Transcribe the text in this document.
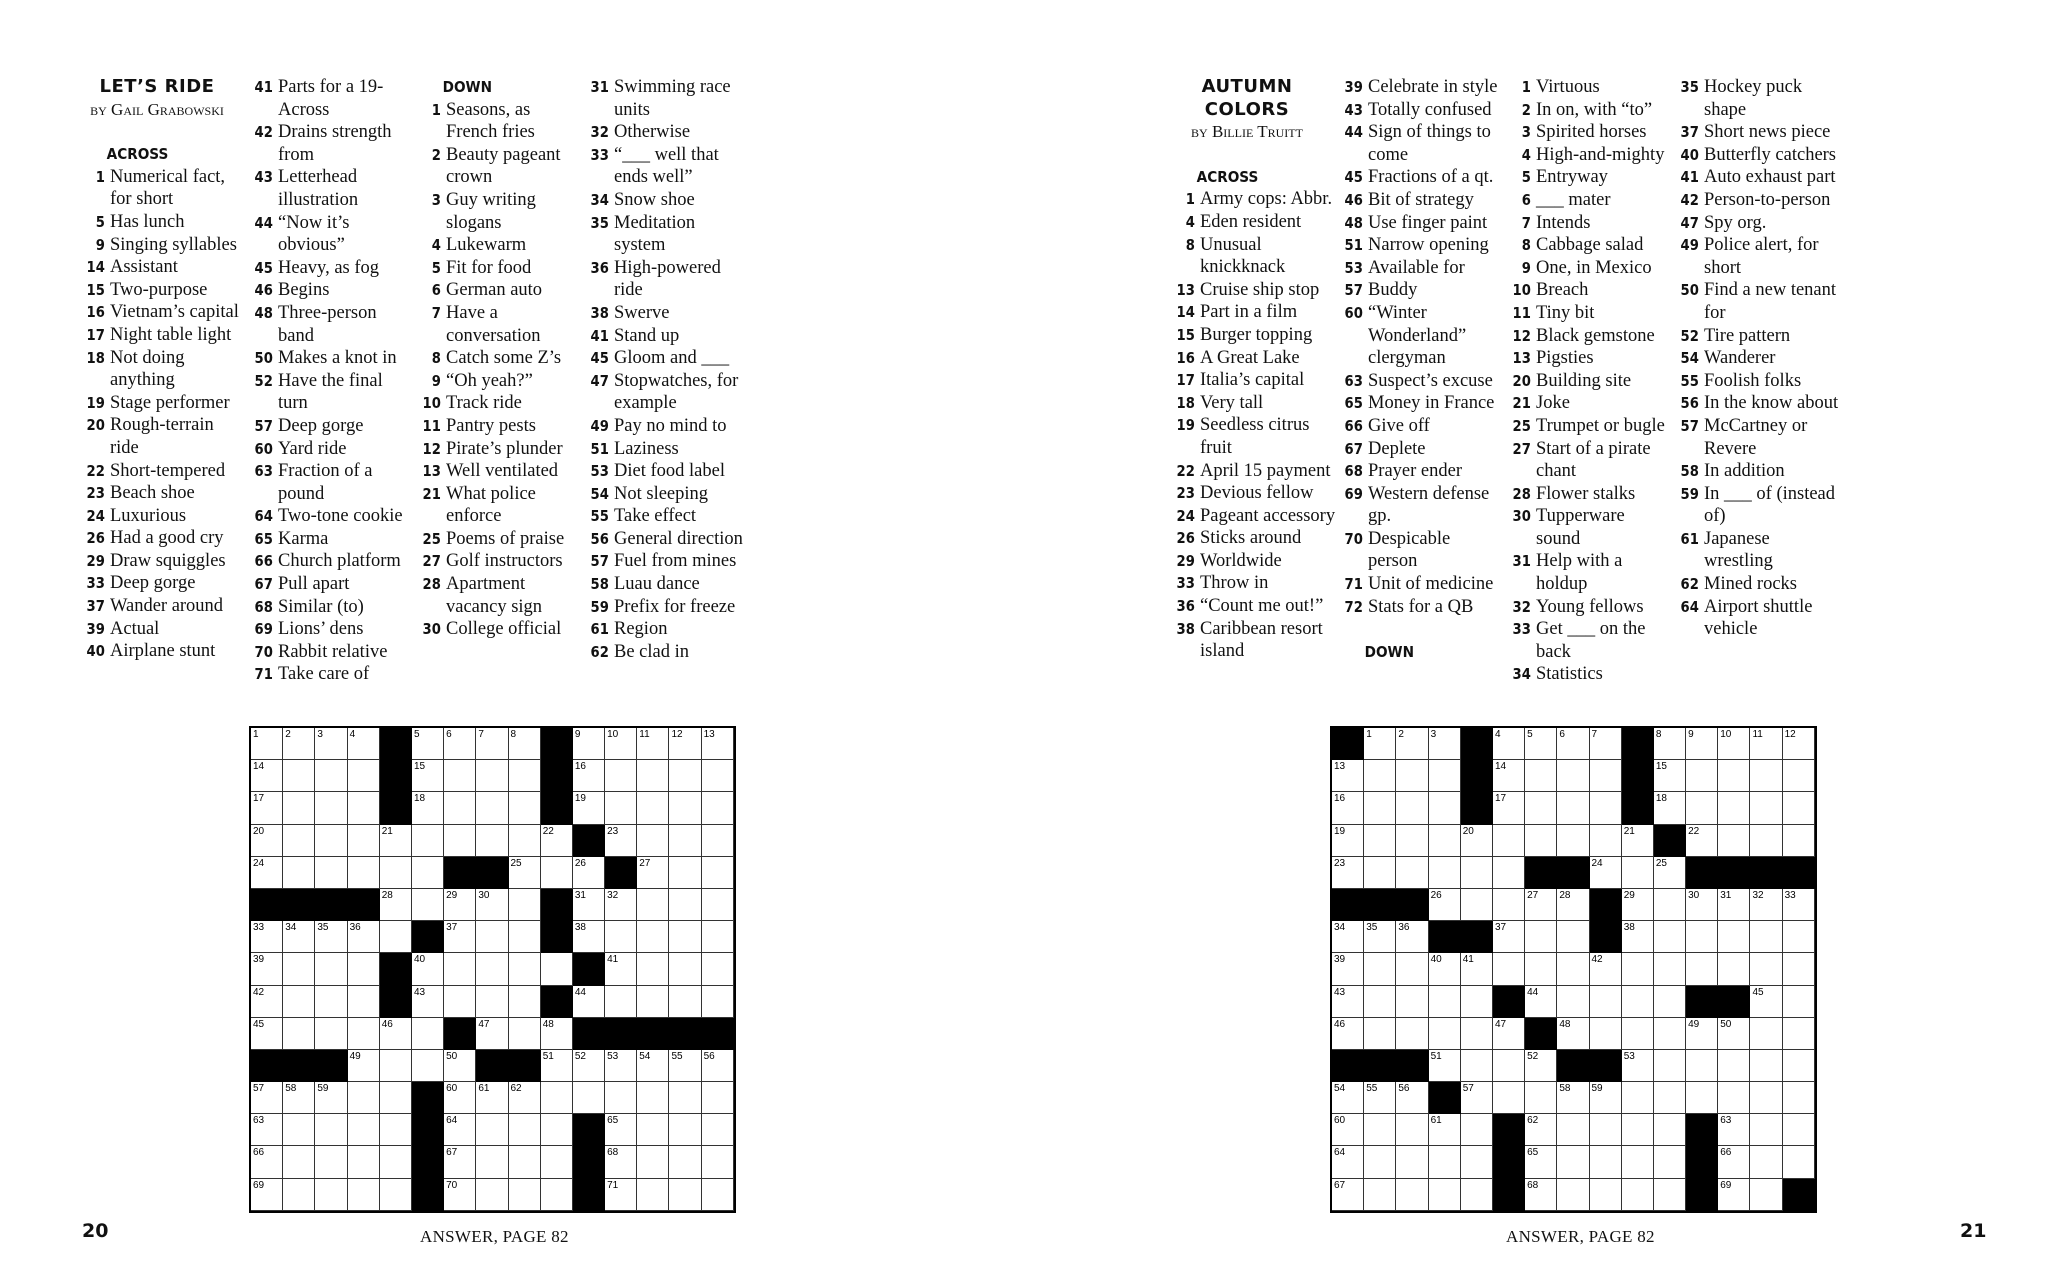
LET’S RIDE
by Gail Grabowski
ACROSS
1 Numerical fact, for short
5 Has lunch
9 Singing syllables
14 Assistant
15 Two-purpose
16 Vietnam’s capital
17 Night table light
18 Not doing anything
19 Stage performer
20 Rough-terrain ride
22 Short-tempered
23 Beach shoe
24 Luxurious
26 Had a good cry
29 Draw squiggles
33 Deep gorge
37 Wander around
39 Actual
40 Airplane stunt
41 Parts for a 19-Across
42 Drains strength from
43 Letterhead illustration
44 “Now it’s obvious”
45 Heavy, as fog
46 Begins
48 Three-person band
50 Makes a knot in
52 Have the final turn
57 Deep gorge
60 Yard ride
63 Fraction of a pound
64 Two-tone cookie
65 Karma
66 Church platform
67 Pull apart
68 Similar (to)
69 Lions’ dens
70 Rabbit relative
71 Take care of
DOWN
1 Seasons, as French fries
2 Beauty pageant crown
3 Guy writing slogans
4 Lukewarm
5 Fit for food
6 German auto
7 Have a conversation
8 Catch some Z’s
9 “Oh yeah?”
10 Track ride
11 Pantry pests
12 Pirate’s plunder
13 Well ventilated
21 What police enforce
25 Poems of praise
27 Golf instructors
28 Apartment vacancy sign
30 College official
31 Swimming race units
32 Otherwise
33 “___ well that ends well”
34 Snow shoe
35 Meditation system
36 High-powered ride
38 Swerve
41 Stand up
45 Gloom and ___
47 Stopwatches, for example
49 Pay no mind to
51 Laziness
53 Diet food label
54 Not sleeping
55 Take effect
56 General direction
57 Fuel from mines
58 Luau dance
59 Prefix for freeze
61 Region
62 Be clad in
1	2	3	4	5	6	7	8	9	10 11 12 13
14	15	16
17	18	19
20	21	22	23
24	25	26	27
28	29 30	31 32
33 34 35 36	37	38
39	40	41
42	43	44
45	46	47	48
49	50	51 52 53 54 55 56
57 58 59	60 61 62
63	64	65
66	67	68
69	70	71
ANSWER, PAGE 82
20
AUTUMN COLORS
by Billie Truitt
ACROSS
1 Army cops: Abbr.
4 Eden resident
8 Unusual knickknack
13 Cruise ship stop
14 Part in a film
15 Burger topping
16 A Great Lake
17 Italia’s capital
18 Very tall
19 Seedless citrus fruit
22 April 15 payment
23 Devious fellow
24 Pageant accessory
26 Sticks around
29 Worldwide
33 Throw in
36 “Count me out!”
38 Caribbean resort island
39 Celebrate in style
43 Totally confused
44 Sign of things to come
45 Fractions of a qt.
46 Bit of strategy
48 Use finger paint
51 Narrow opening
53 Available for
57 Buddy
60 “Winter Wonderland” clergyman
63 Suspect’s excuse
65 Money in France
66 Give off
67 Deplete
68 Prayer ender
69 Western defense gp.
70 Despicable person
71 Unit of medicine
72 Stats for a QB
DOWN
1 Virtuous
2 In on, with “to”
3 Spirited horses
4 High-and-mighty
5 Entryway
6 ___ mater
7 Intends
8 Cabbage salad
9 One, in Mexico
10 Breach
11 Tiny bit
12 Black gemstone
13 Pigsties
20 Building site
21 Joke
25 Trumpet or bugle
27 Start of a pirate chant
28 Flower stalks
30 Tupperware sound
31 Help with a holdup
32 Young fellows
33 Get ___ on the back
34 Statistics
35 Hockey puck shape
37 Short news piece
40 Butterfly catchers
41 Auto exhaust part
42 Person-to-person
47 Spy org.
49 Police alert, for short
50 Find a new tenant for
52 Tire pattern
54 Wanderer
55 Foolish folks
56 In the know about
57 McCartney or Revere
58 In addition
59 In ___ of (instead of)
61 Japanese wrestling
62 Mined rocks
64 Airport shuttle vehicle
1	2	3	4	5	6	7	8	9	10 11 12
13	14	15
16	17	18
19	20	21	22
23	24	25
26	27 28	29	30 31 32 33
34 35 36	37	38
39	40 41	42
43	44	45
46	47	48	49 50
51	52	53
54 55 56	57	58 59
60	61	62	63
64	65	66
67	68	69
ANSWER, PAGE 82	21
